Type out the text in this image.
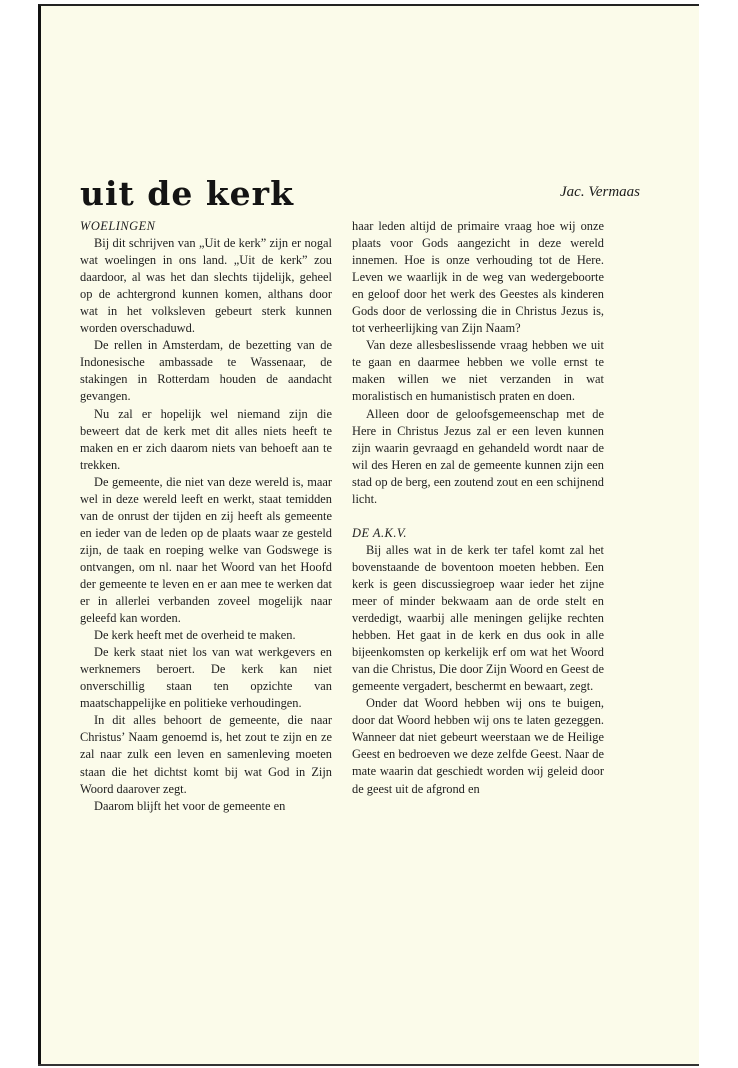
uit de kerk	Jac. Vermaas
WOELINGEN

Bij dit schrijven van „Uit de kerk” zijn er nogal wat woelingen in ons land. „Uit de kerk” zou daardoor, al was het dan slechts tijdelijk, geheel op de achtergrond kunnen komen, althans door wat in het volksleven gebeurt sterk kunnen worden overschaduwd.

De rellen in Amsterdam, de bezetting van de Indonesische ambassade te Wassenaar, de stakingen in Rotterdam houden de aandacht gevangen.

Nu zal er hopelijk wel niemand zijn die beweert dat de kerk met dit alles niets heeft te maken en er zich daarom niets van behoeft aan te trekken.

De gemeente, die niet van deze wereld is, maar wel in deze wereld leeft en werkt, staat temidden van de onrust der tijden en zij heeft als gemeente en ieder van de leden op de plaats waar ze gesteld zijn, de taak en roeping welke van Godswege is ontvangen, om nl. naar het Woord van het Hoofd der gemeente te leven en er aan mee te werken dat er in allerlei verbanden zoveel mogelijk naar geleefd kan worden.

De kerk heeft met de overheid te maken.

De kerk staat niet los van wat werkgevers en werknemers beroert. De kerk kan niet onverschillig staan ten opzichte van maatschappelijke en politieke verhoudingen.

In dit alles behoort de gemeente, die naar Christus’ Naam genoemd is, het zout te zijn en ze zal naar zulk een leven en samenleving moeten staan die het dichtst komt bij wat God in Zijn Woord daarover zegt.

Daarom blijft het voor de gemeente en

haar leden altijd de primaire vraag hoe wij onze plaats voor Gods aangezicht in deze wereld innemen. Hoe is onze verhouding tot de Here. Leven we waarlijk in de weg van wedergeboorte en geloof door het werk des Geestes als kinderen Gods door de verlossing die in Christus Jezus is, tot verheerlijking van Zijn Naam?

Van deze allesbeslissende vraag hebben we uit te gaan en daarmee hebben we volle ernst te maken willen we niet verzanden in wat moralistisch en humanistisch praten en doen.

Alleen door de geloofsgemeenschap met de Here in Christus Jezus zal er een leven kunnen zijn waarin gevraagd en gehandeld wordt naar de wil des Heren en zal de gemeente kunnen zijn een stad op de berg, een zoutend zout en een schijnend licht.

DE A.K.V.

Bij alles wat in de kerk ter tafel komt zal het bovenstaande de boventoon moeten hebben. Een kerk is geen discussiegroep waar ieder het zijne meer of minder bekwaam aan de orde stelt en verdedigt, waarbij alle meningen gelijke rechten hebben. Het gaat in de kerk en dus ook in alle bijeenkomsten op kerkelijk erf om wat het Woord van die Christus, Die door Zijn Woord en Geest de gemeente vergadert, beschermt en bewaart, zegt.

Onder dat Woord hebben wij ons te buigen, door dat Woord hebben wij ons te laten gezeggen. Wanneer dat niet gebeurt weerstaan we de Heilige Geest en bedroeven we deze zelfde Geest. Naar de mate waarin dat geschiedt worden wij geleid door de geest uit de afgrond en
